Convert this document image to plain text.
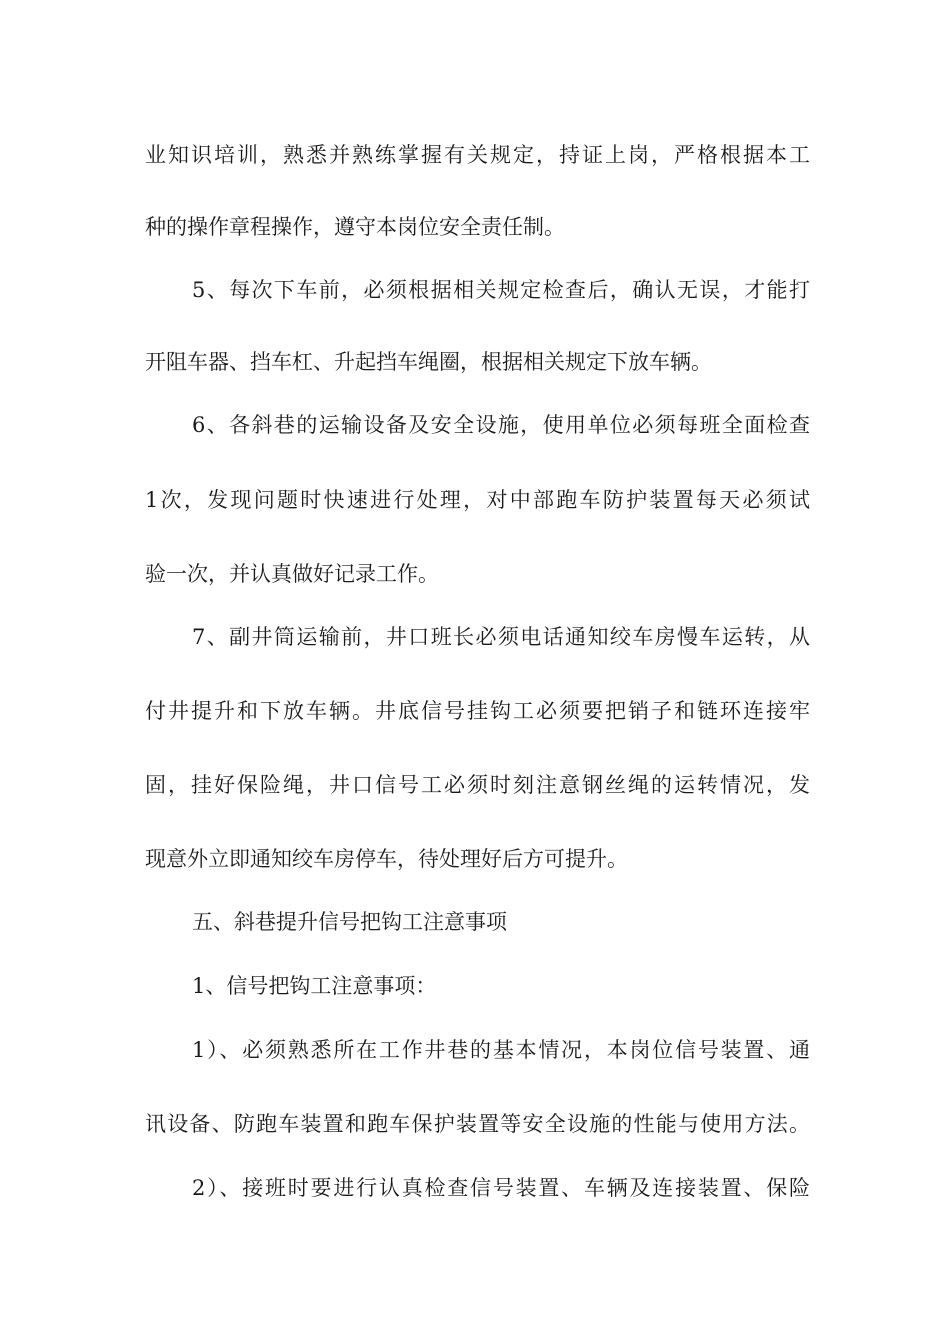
业知识培训，熟悉并熟练掌握有关规定，持证上岗，严格根据本工
种的操作章程操作，遵守本岗位安全责任制。
5、每次下车前，必须根据相关规定检查后，确认无误，才能打
开阻车器、挡车杠、升起挡车绳圈，根据相关规定下放车辆。
6、各斜巷的运输设备及安全设施，使用单位必须每班全面检查
1次，发现问题时快速进行处理，对中部跑车防护装置每天必须试
验一次，并认真做好记录工作。
7、副井筒运输前，井口班长必须电话通知绞车房慢车运转，从
付井提升和下放车辆。井底信号挂钩工必须要把销子和链环连接牢
固，挂好保险绳，井口信号工必须时刻注意钢丝绳的运转情况，发
现意外立即通知绞车房停车，待处理好后方可提升。
五、斜巷提升信号把钩工注意事项
1、信号把钩工注意事项：
1）、必须熟悉所在工作井巷的基本情况，本岗位信号装置、通
讯设备、防跑车装置和跑车保护装置等安全设施的性能与使用方法。
2）、接班时要进行认真检查信号装置、车辆及连接装置、保险
